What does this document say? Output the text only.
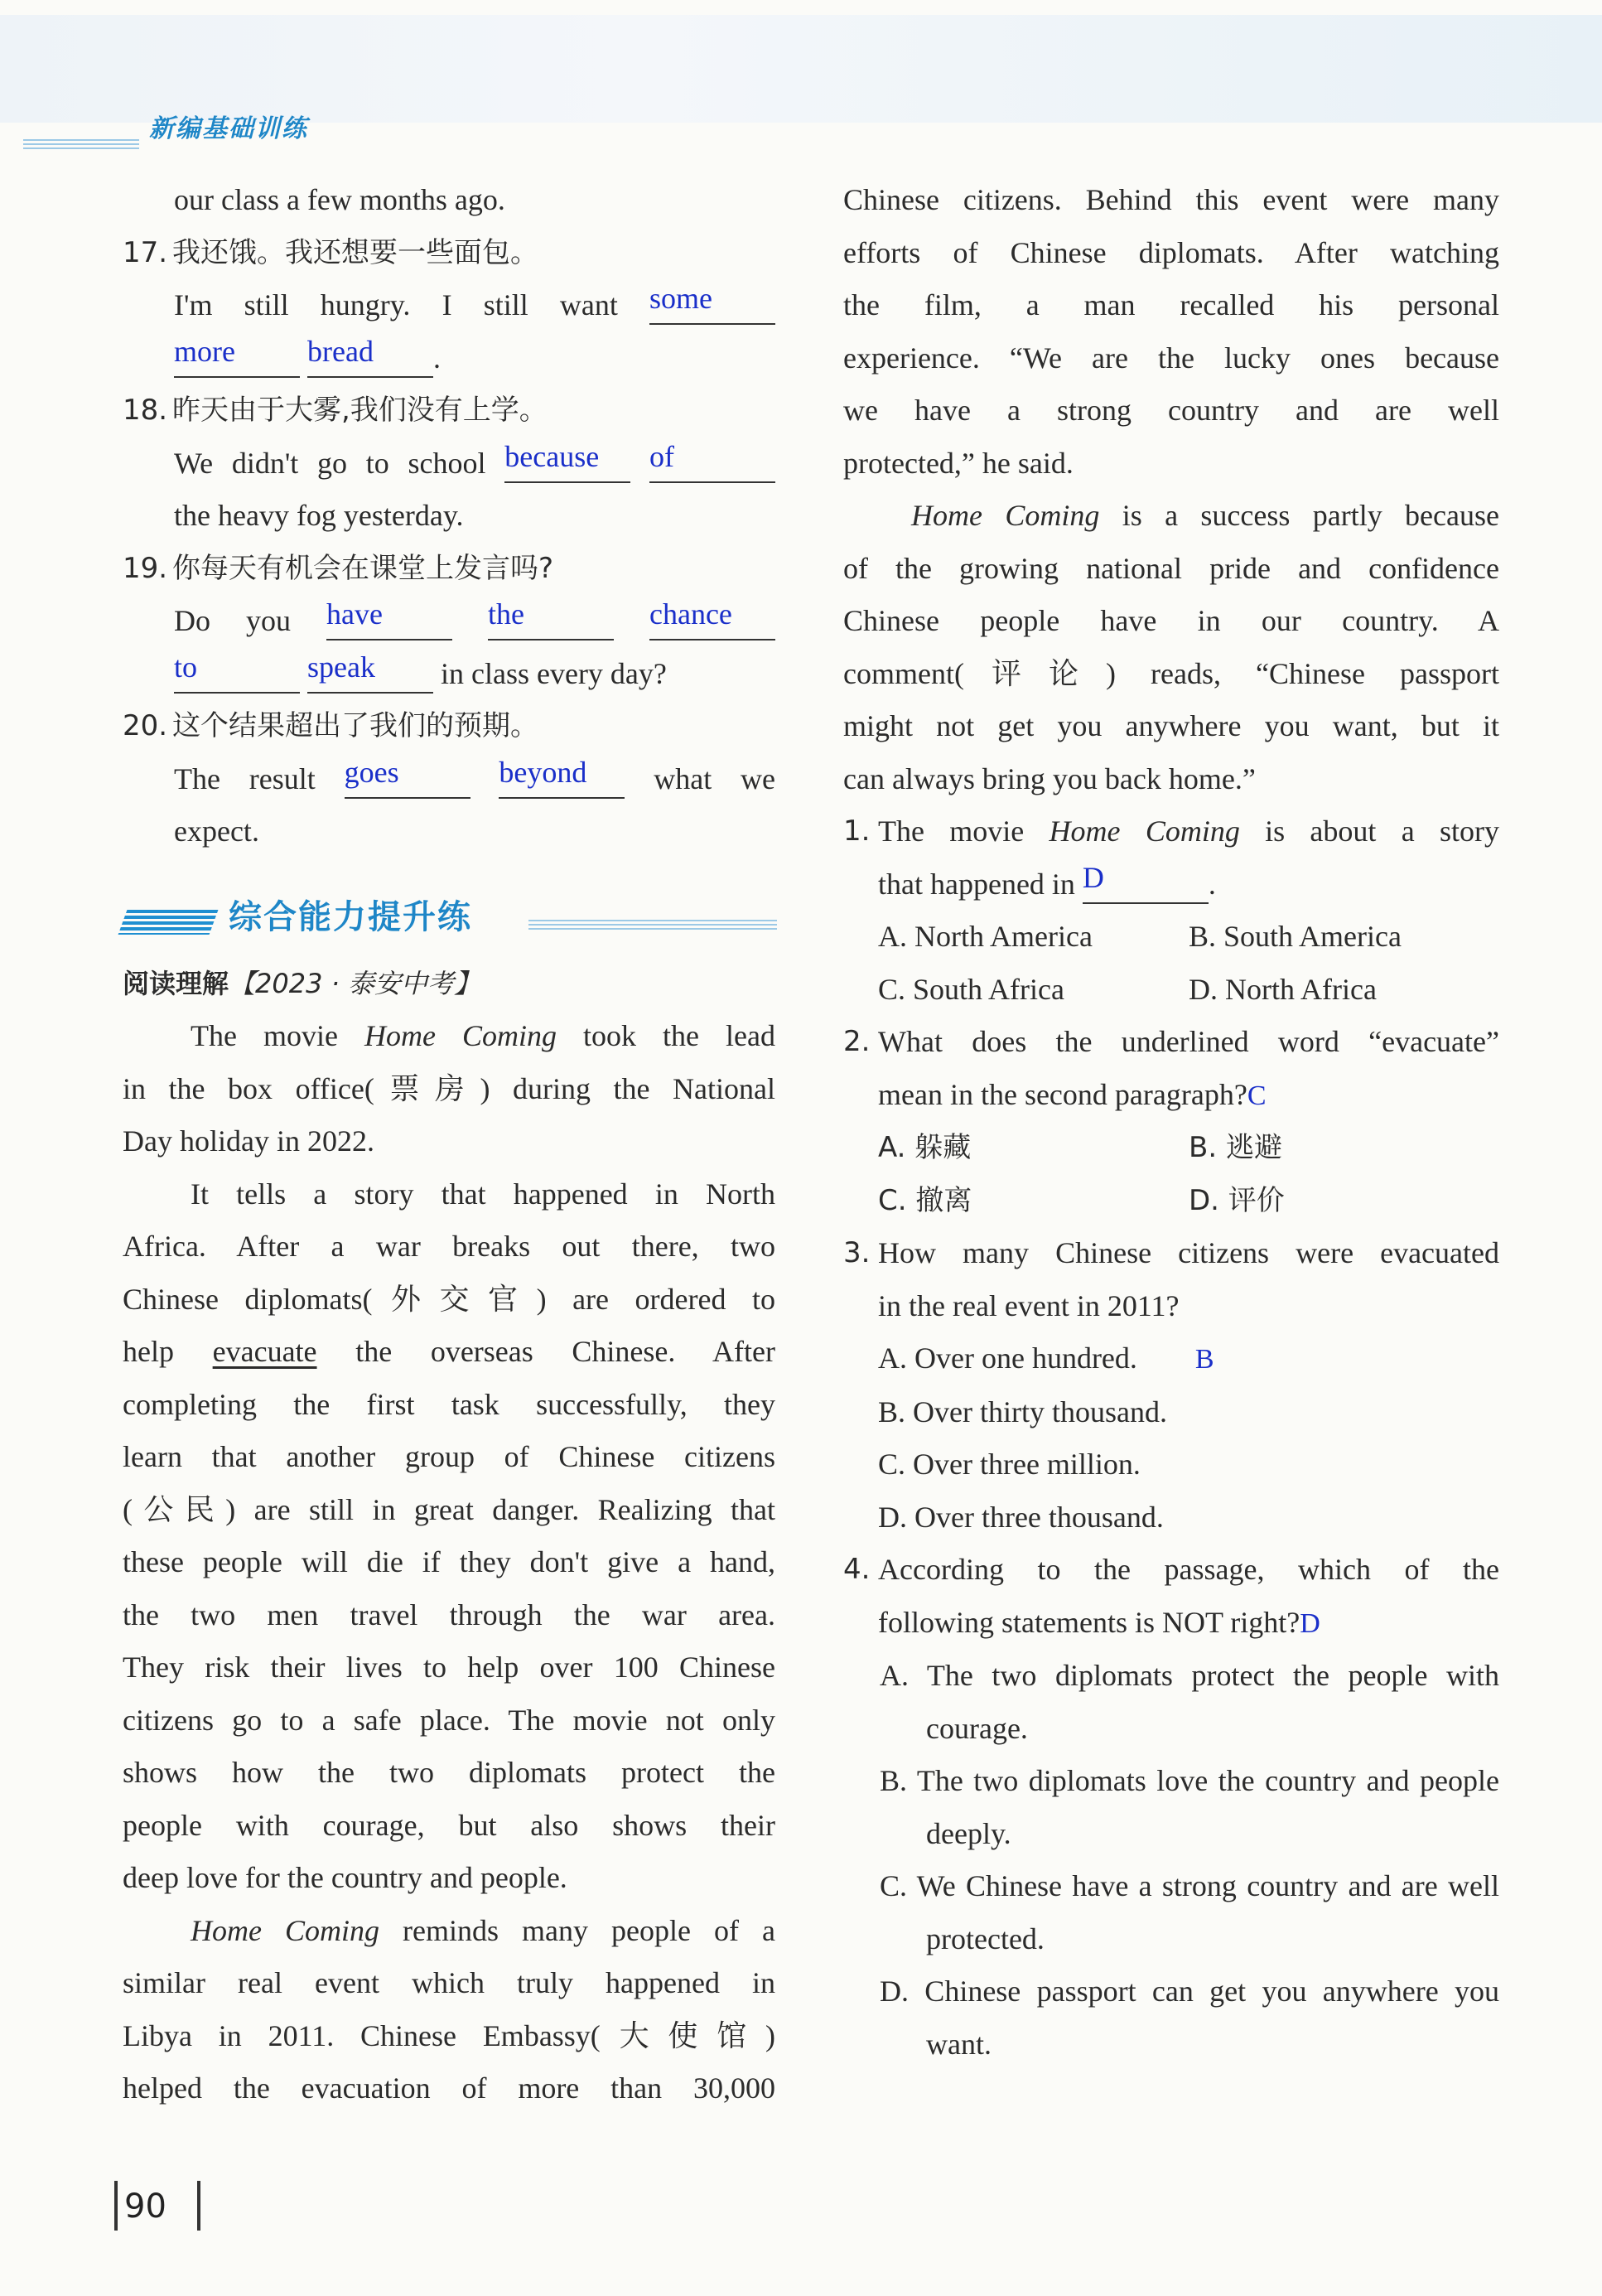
新编基础训练

our class a few months ago.

17. 我还饿。我还想要一些面包。

I'm still hungry. I still want some

more bread .

18. 昨天由于大雾,我们没有上学。

We didn't go to school because of

the heavy fog yesterday.

19. 你每天有机会在课堂上发言吗?

Do you have	the	chance

to	speak in class every day?

20. 这个结果超出了我们的预期。

The result goes	beyond what we

expect.

综合能力提升练

阅读理解【2023 · 泰安中考】

The movie Home Coming took the lead

in the box office(票房) during the National

Day holiday in 2022.

It tells a story that happened in North

Africa. After a war breaks out there, two

Chinese diplomats(外交官) are ordered to

help evacuate the overseas Chinese. After

completing the first task successfully, they

learn that another group of Chinese citizens

(公民) are still in great danger. Realizing that

these people will die if they don't give a hand,

the two men travel through the war area.

They risk their lives to help over 100 Chinese

citizens go to a safe place. The movie not only

shows how the two diplomats protect the

people with courage, but also shows their

deep love for the country and people.

Home Coming reminds many people of a

similar real event which truly happened in

Libya in 2011. Chinese Embassy(大使馆)

helped the evacuation of more than 30,000

Chinese citizens. Behind this event were many

efforts of Chinese diplomats. After watching

the film, a man recalled his personal

experience. “We are the lucky ones because

we have a strong country and are well

protected,” he said.

Home Coming is a success partly because

of the growing national pride and confidence

Chinese people have in our country. A

comment(评论) reads, “Chinese passport

might not get you anywhere you want, but it

can always bring you back home.”

1. The movie Home Coming is about a story

that happened in D	.

A. North America	B. South America
C. South Africa	D. North Africa
2. What does the underlined word “evacuate”

mean in the second paragraph?C

A. 躲藏	B. 逃避
C. 撤离	D. 评价
3. How many Chinese citizens were evacuated

in the real event in 2011?

A. Over one hundred. B

B. Over thirty thousand.

C. Over three million.

D. Over three thousand.

4. According to the passage, which of the

following statements is NOT right?D

A. The two diplomats protect the people with courage.

B. The two diplomats love the country and people deeply.

C. We Chinese have a strong country and are well protected.

D. Chinese passport can get you anywhere you want.

90
